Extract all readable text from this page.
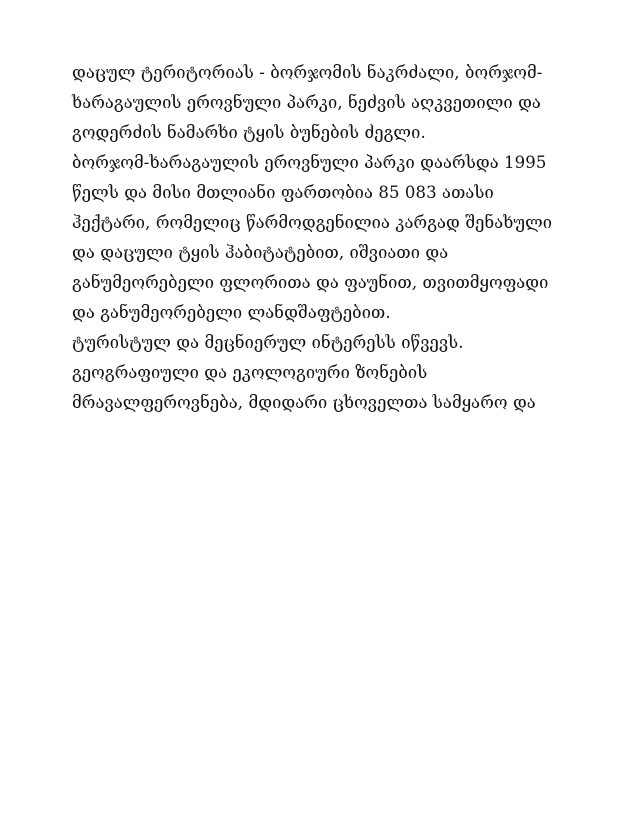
დაცულ ტერიტორიას - ბორჯომის ნაკრძალი, ბორჯომ-
ხარაგაულის ეროვნული პარკი, ნეძვის აღკვეთილი და
გოდერძის ნამარხი ტყის ბუნების ძეგლი.
ბორჯომ-ხარაგაულის ეროვნული პარკი დაარსდა 1995
წელს და მისი მთლიანი ფართობია 85 083 ათასი
ჰექტარი, რომელიც წარმოდგენილია კარგად შენახული
და დაცული ტყის ჰაბიტატებით, იშვიათი და
განუმეორებელი ფლორითა და ფაუნით, თვითმყოფადი
და განუმეორებელი ლანდშაფტებით.
ტურისტულ და მეცნიერულ ინტერესს იწვევს.
გეოგრაფიული და ეკოლოგიური ზონების
მრავალფეროვნება, მდიდარი ცხოველთა სამყარო და
